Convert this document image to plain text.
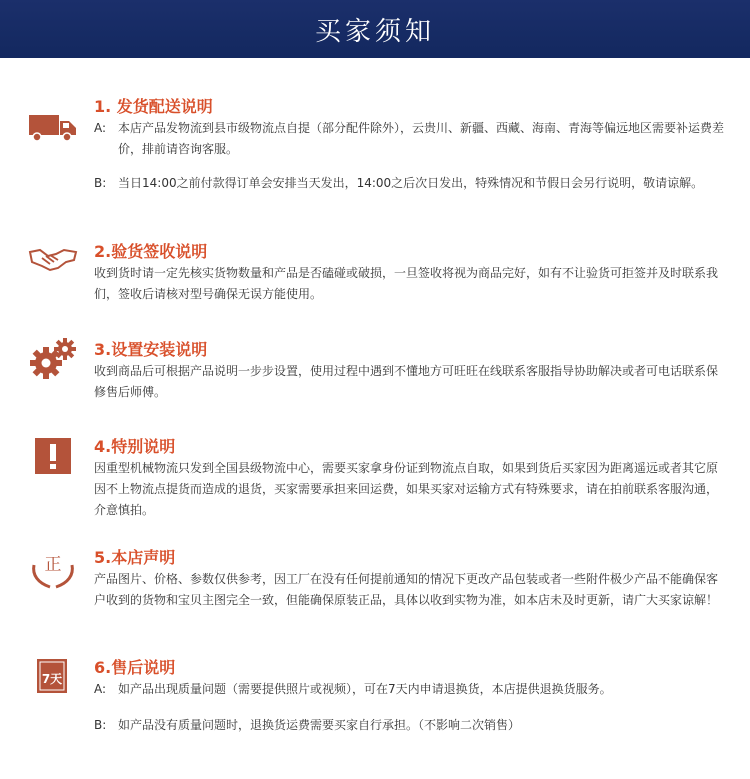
买家须知
1. 发货配送说明
A: 本店产品发物流到县市级物流点自提（部分配件除外），云贵川、新疆、西藏、海南、青海等偏远地区需要补运费差价，排前请咨询客服。
B: 当日14:00之前付款得订单会安排当天发出，14:00之后次日发出，特殊情况和节假日会另行说明，敬请谅解。
2.验货签收说明
收到货时请一定先核实货物数量和产品是否磕碰或破损，一旦签收将视为商品完好，如有不让验货可拒签并及时联系我们，签收后请核对型号确保无误方能使用。
3.设置安装说明
收到商品后可根据产品说明一步步设置，使用过程中遇到不懂地方可旺旺在线联系客服指导协助解决或者可电话联系保修售后师傅。
4.特别说明
因重型机械物流只发到全国县级物流中心，需要买家拿身份证到物流点自取，如果到货后买家因为距离遥远或者其它原因不上物流点提货而造成的退货，买家需要承担来回运费，如果买家对运输方式有特殊要求，请在拍前联系客服沟通，介意慎拍。
正 5.本店声明
产品图片、价格、参数仅供参考，因工厂在没有任何提前通知的情况下更改产品包装或者一些附件极少产品不能确保客户收到的货物和宝贝主图完全一致，但能确保原装正品，具体以收到实物为准，如本店未及时更新，请广大买家谅解！
7天
6.售后说明
A: 如产品出现质量问题（需要提供照片或视频），可在7天内申请退换货，本店提供退换货服务。
B: 如产品没有质量问题时，退换货运费需要买家自行承担。（不影响二次销售）
